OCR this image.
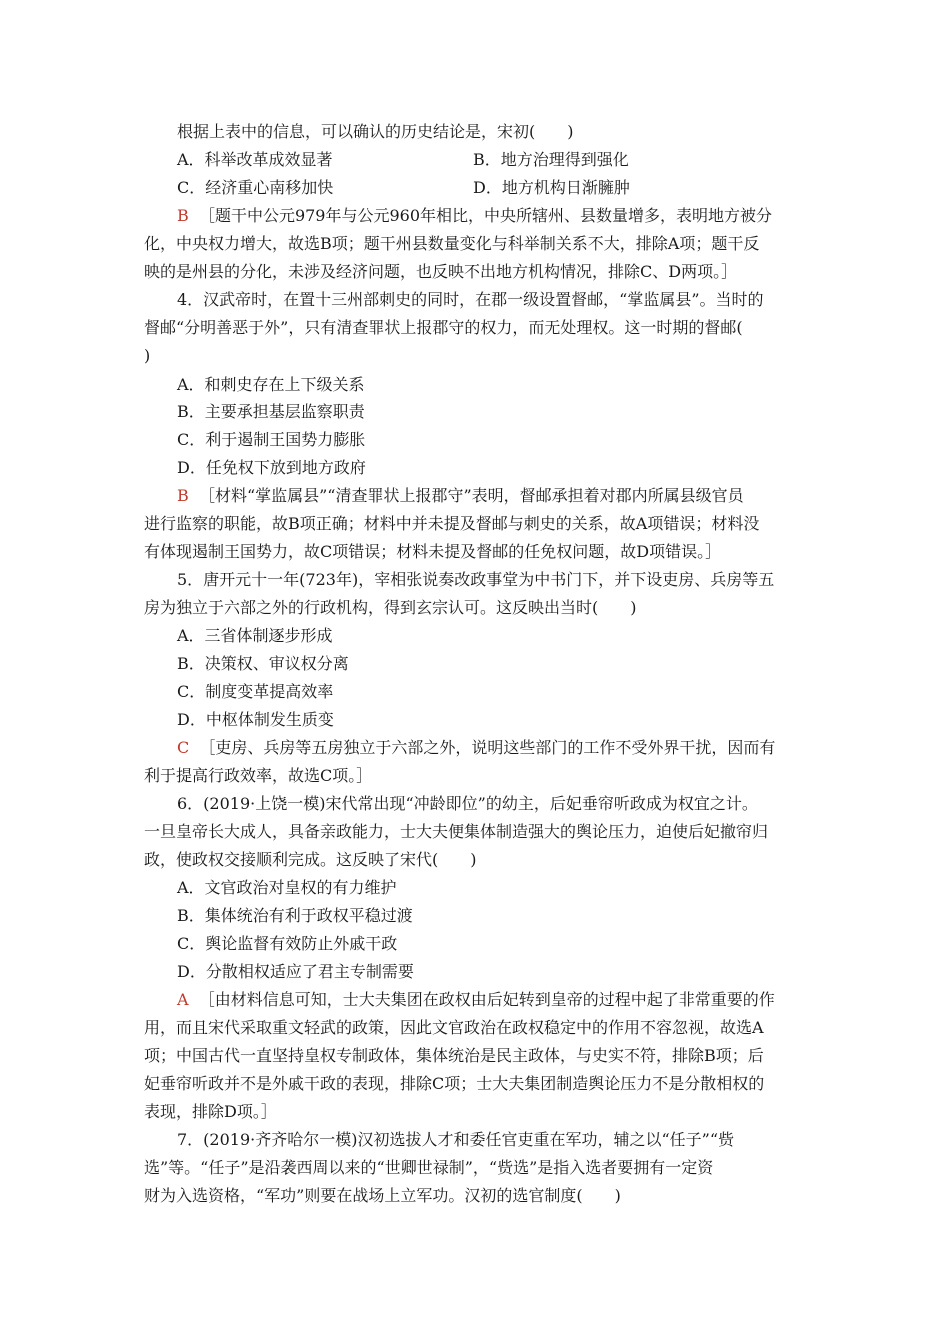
根据上表中的信息，可以确认的历史结论是，宋初(　　)
A．科举改革成效显著	B．地方治理得到强化
C．经济重心南移加快	D．地方机构日渐臃肿
B ［题干中公元979年与公元960年相比，中央所辖州、县数量增多，表明地方被分
化，中央权力增大，故选B项；题干州县数量变化与科举制关系不大，排除A项；题干反
映的是州县的分化，未涉及经济问题，也反映不出地方机构情况，排除C、D两项。］
4．汉武帝时，在置十三州部刺史的同时，在郡一级设置督邮，“掌监属县”。当时的
督邮“分明善恶于外”，只有清查罪状上报郡守的权力，而无处理权。这一时期的督邮(
)
A．和刺史存在上下级关系
B．主要承担基层监察职责
C．利于遏制王国势力膨胀
D．任免权下放到地方政府
B ［材料“掌监属县”“清查罪状上报郡守”表明，督邮承担着对郡内所属县级官员
进行监察的职能，故B项正确；材料中并未提及督邮与刺史的关系，故A项错误；材料没
有体现遏制王国势力，故C项错误；材料未提及督邮的任免权问题，故D项错误。］
5．唐开元十一年(723年)，宰相张说奏改政事堂为中书门下，并下设吏房、兵房等五
房为独立于六部之外的行政机构，得到玄宗认可。这反映出当时(　　)
A．三省体制逐步形成
B．决策权、审议权分离
C．制度变革提高效率
D．中枢体制发生质变
C ［吏房、兵房等五房独立于六部之外，说明这些部门的工作不受外界干扰，因而有
利于提高行政效率，故选C项。］
6．(2019·上饶一模)宋代常出现“冲龄即位”的幼主，后妃垂帘听政成为权宜之计。
一旦皇帝长大成人，具备亲政能力，士大夫便集体制造强大的舆论压力，迫使后妃撤帘归
政，使政权交接顺利完成。这反映了宋代(　　)
A．文官政治对皇权的有力维护
B．集体统治有利于政权平稳过渡
C．舆论监督有效防止外戚干政
D．分散相权适应了君主专制需要
A ［由材料信息可知，士大夫集团在政权由后妃转到皇帝的过程中起了非常重要的作
用，而且宋代采取重文轻武的政策，因此文官政治在政权稳定中的作用不容忽视，故选A
项；中国古代一直坚持皇权专制政体，集体统治是民主政体，与史实不符，排除B项；后
妃垂帘听政并不是外戚干政的表现，排除C项；士大夫集团制造舆论压力不是分散相权的
表现，排除D项。］
7．(2019·齐齐哈尔一模)汉初选拔人才和委任官吏重在军功，辅之以“任子”“赀
选”等。“任子”是沿袭西周以来的“世卿世禄制”，“赀选”是指入选者要拥有一定资
财为入选资格，“军功”则要在战场上立军功。汉初的选官制度(　　)
